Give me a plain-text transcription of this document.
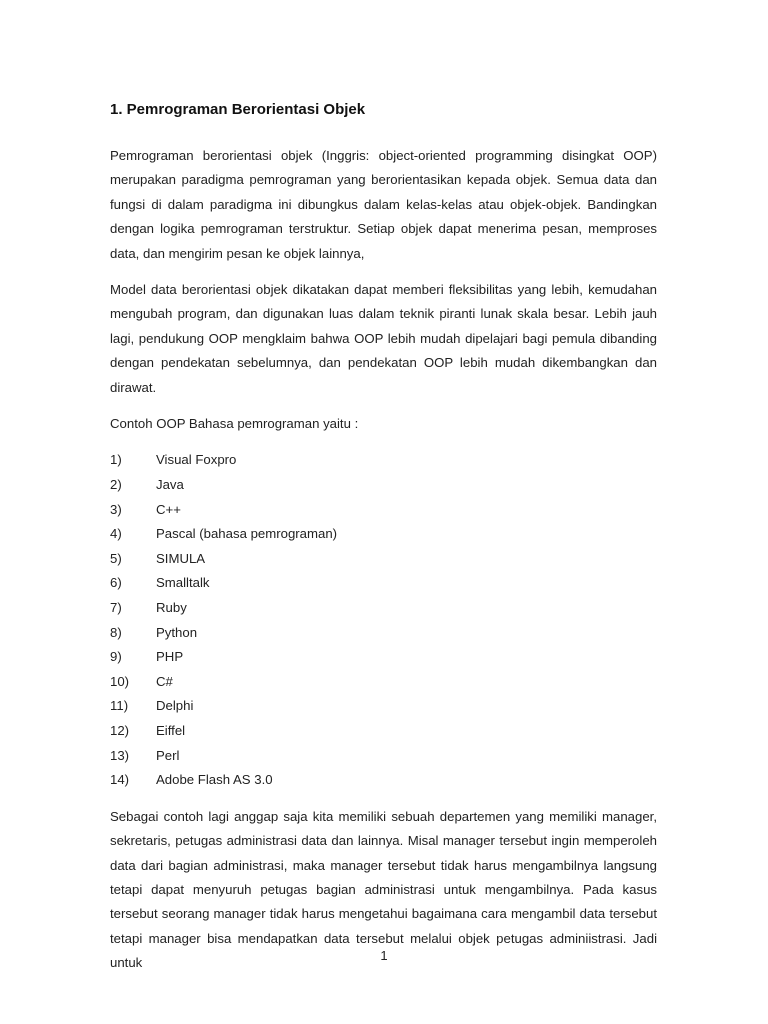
1. Pemrograman Berorientasi Objek

Pemrograman berorientasi objek (Inggris: object-oriented programming disingkat OOP) merupakan paradigma pemrograman yang berorientasikan kepada objek. Semua data dan fungsi di dalam paradigma ini dibungkus dalam kelas-kelas atau objek-objek. Bandingkan dengan logika pemrograman terstruktur. Setiap objek dapat menerima pesan, memproses data, dan mengirim pesan ke objek lainnya,

Model data berorientasi objek dikatakan dapat memberi fleksibilitas yang lebih, kemudahan mengubah program, dan digunakan luas dalam teknik piranti lunak skala besar. Lebih jauh lagi, pendukung OOP mengklaim bahwa OOP lebih mudah dipelajari bagi pemula dibanding dengan pendekatan sebelumnya, dan pendekatan OOP lebih mudah dikembangkan dan dirawat.

Contoh OOP Bahasa pemrograman yaitu :

1)	Visual Foxpro
2)	Java
3)	C++
4)	Pascal (bahasa pemrograman)
5)	SIMULA
6)	Smalltalk
7)	Ruby
8)	Python
9)	PHP
10)	C#
11)	Delphi
12)	Eiffel
13)	Perl
14)	Adobe Flash AS 3.0

Sebagai contoh lagi anggap saja kita memiliki sebuah departemen yang memiliki manager, sekretaris, petugas administrasi data dan lainnya. Misal manager tersebut ingin memperoleh data dari bagian administrasi, maka manager tersebut tidak harus mengambilnya langsung tetapi dapat menyuruh petugas bagian administrasi untuk mengambilnya. Pada kasus tersebut seorang manager tidak harus mengetahui bagaimana cara mengambil data tersebut tetapi manager bisa mendapatkan data tersebut melalui objek petugas adminiistrasi. Jadi untuk	1
